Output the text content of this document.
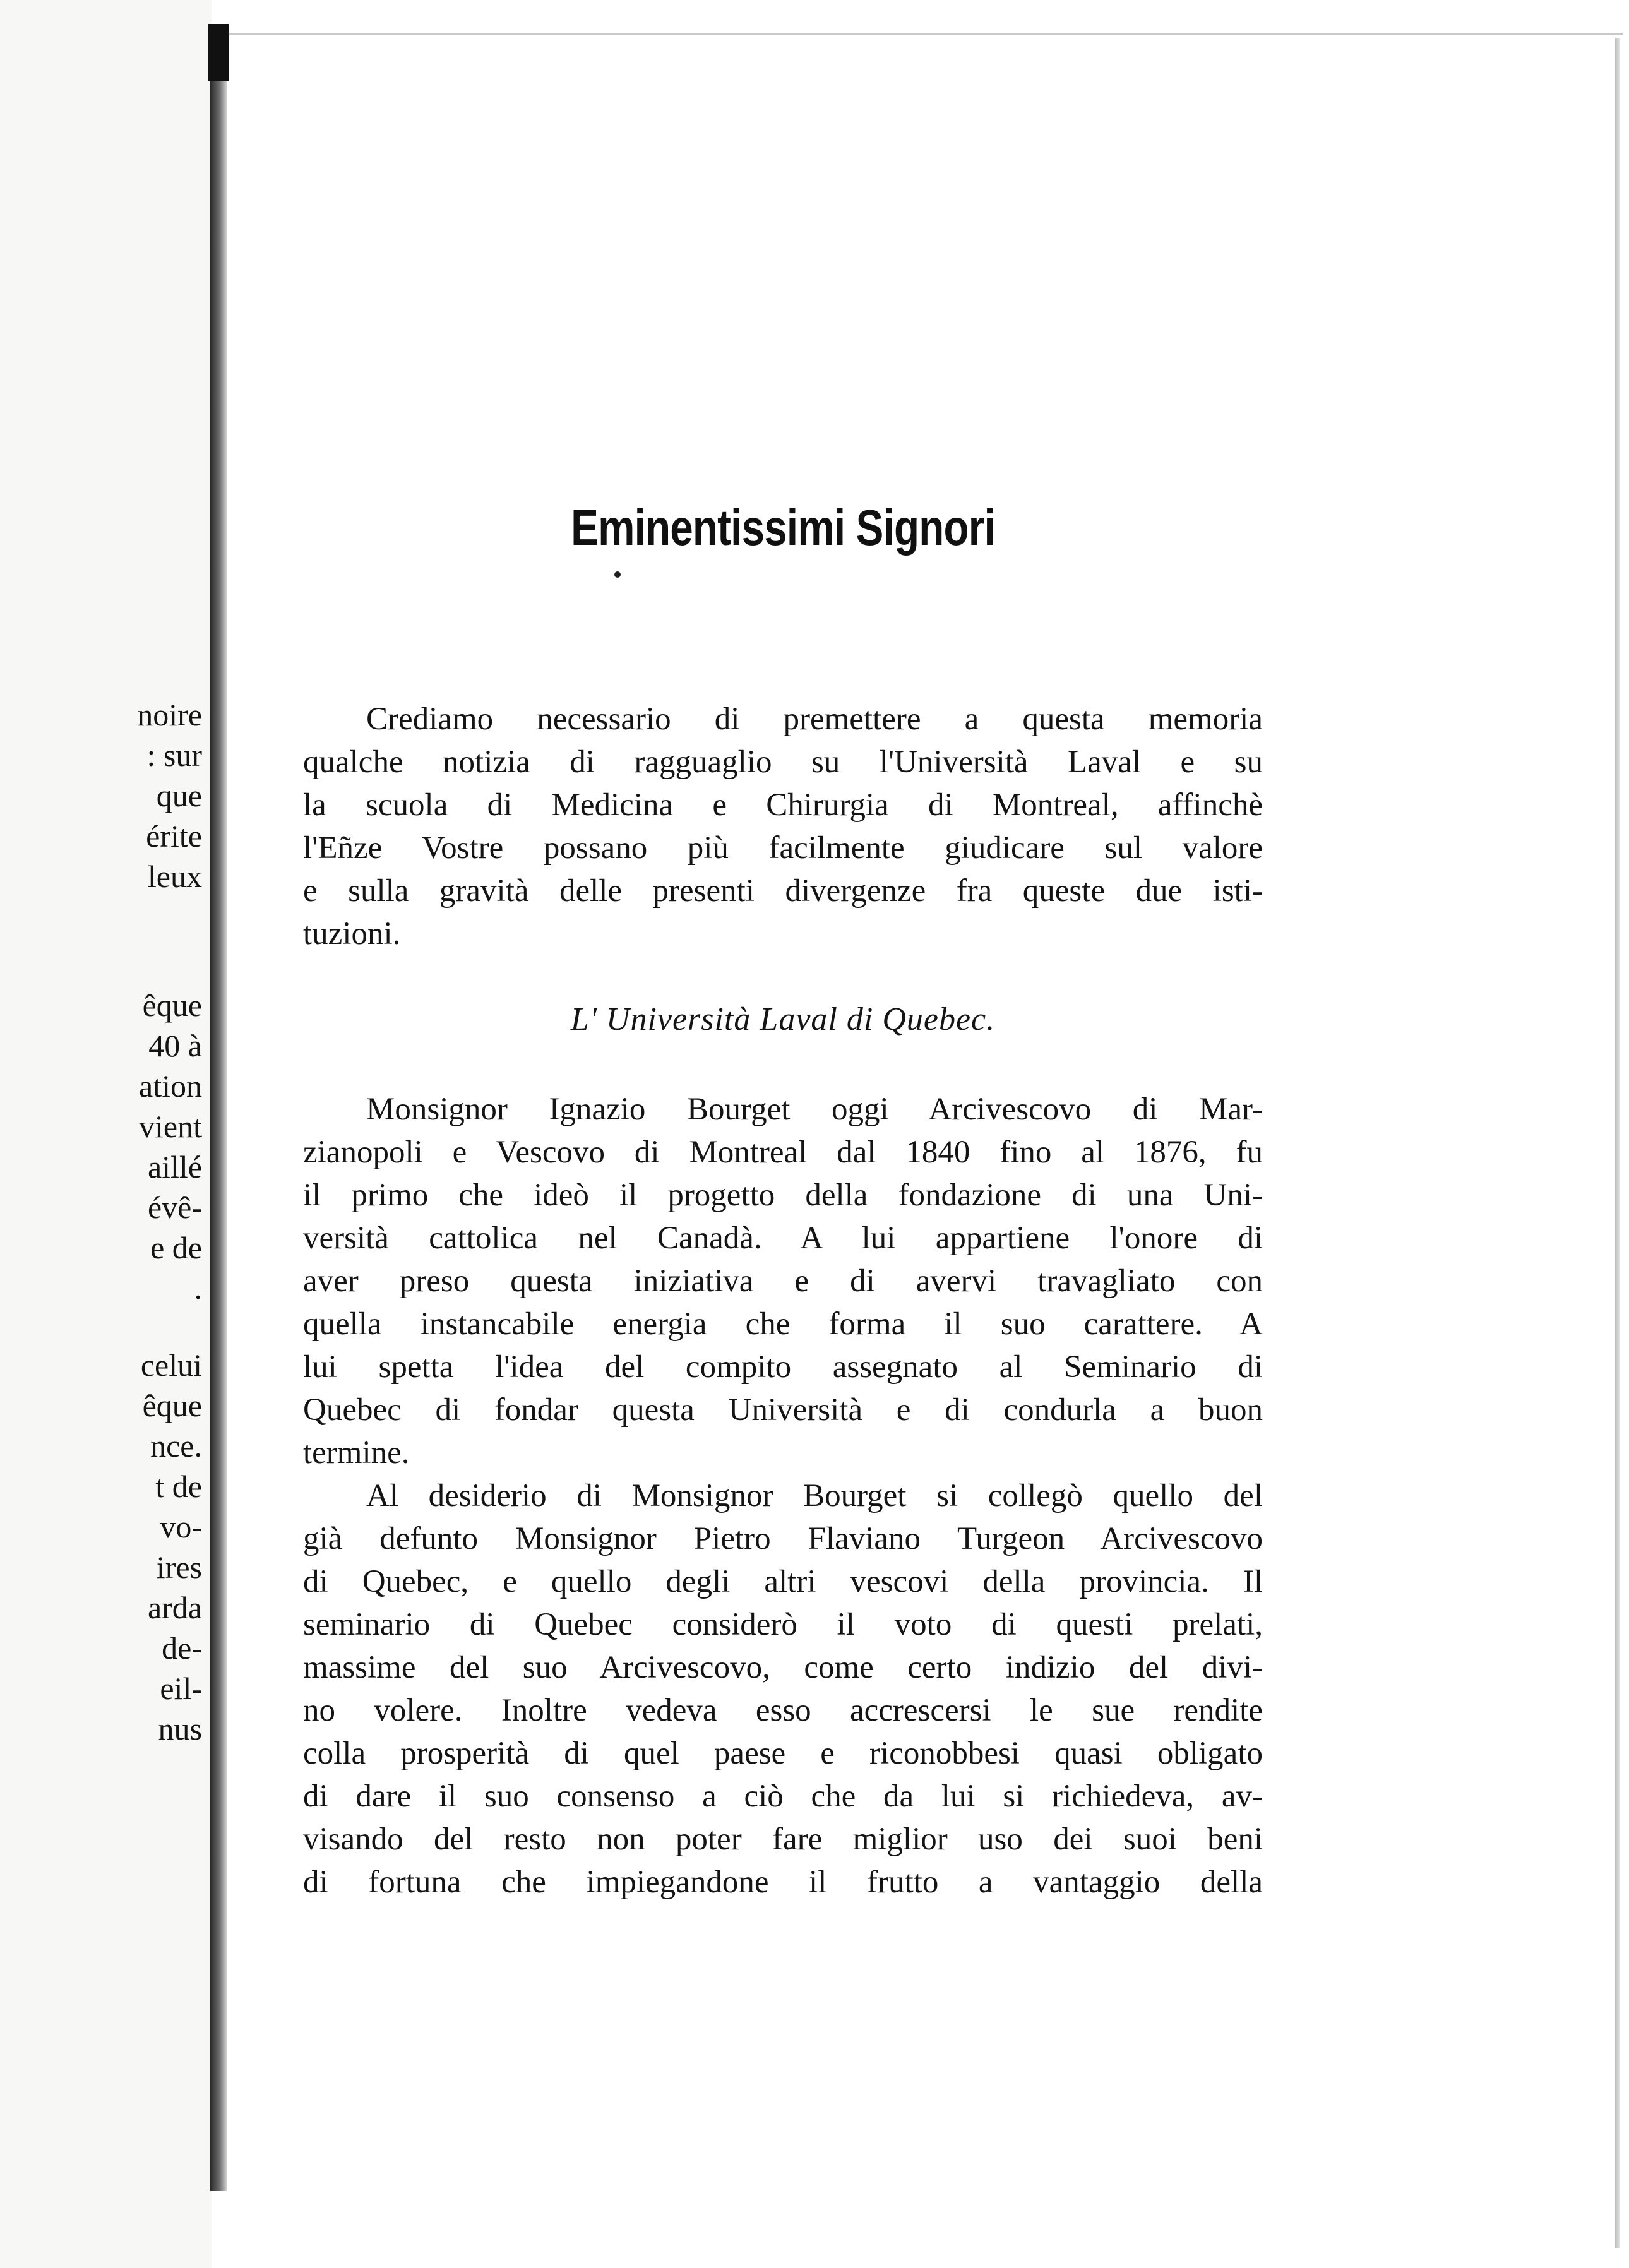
noire
: sur
que
érite
leux
êque
40 à
ation
vient
aillé
évê-
e de
.
celui
êque
nce.
t de
vo-
ires
arda
de-
eil-
nus
Eminentissimi Signori
Crediamo necessario di premettere a questa memoria
qualche notizia di ragguaglio su l'Università Laval e su
la scuola di Medicina e Chirurgia di Montreal, affinchè
l'Eñze Vostre possano più facilmente giudicare sul valore
e sulla gravità delle presenti divergenze fra queste due isti-
tuzioni.
L' Università Laval di Quebec.
Monsignor Ignazio Bourget oggi Arcivescovo di Mar-
zianopoli e Vescovo di Montreal dal 1840 fino al 1876, fu
il primo che ideò il progetto della fondazione di una Uni-
versità cattolica nel Canadà. A lui appartiene l'onore di
aver preso questa iniziativa e di avervi travagliato con
quella instancabile energia che forma il suo carattere. A
lui spetta l'idea del compito assegnato al Seminario di
Quebec di fondar questa Università e di condurla a buon
termine.
Al desiderio di Monsignor Bourget si collegò quello del
già defunto Monsignor Pietro Flaviano Turgeon Arcivescovo
di Quebec, e quello degli altri vescovi della provincia. Il
seminario di Quebec considerò il voto di questi prelati,
massime del suo Arcivescovo, come certo indizio del divi-
no volere. Inoltre vedeva esso accrescersi le sue rendite
colla prosperità di quel paese e riconobbesi quasi obligato
di dare il suo consenso a ciò che da lui si richiedeva, av-
visando del resto non poter fare miglior uso dei suoi beni
di fortuna che impiegandone il frutto a vantaggio della
